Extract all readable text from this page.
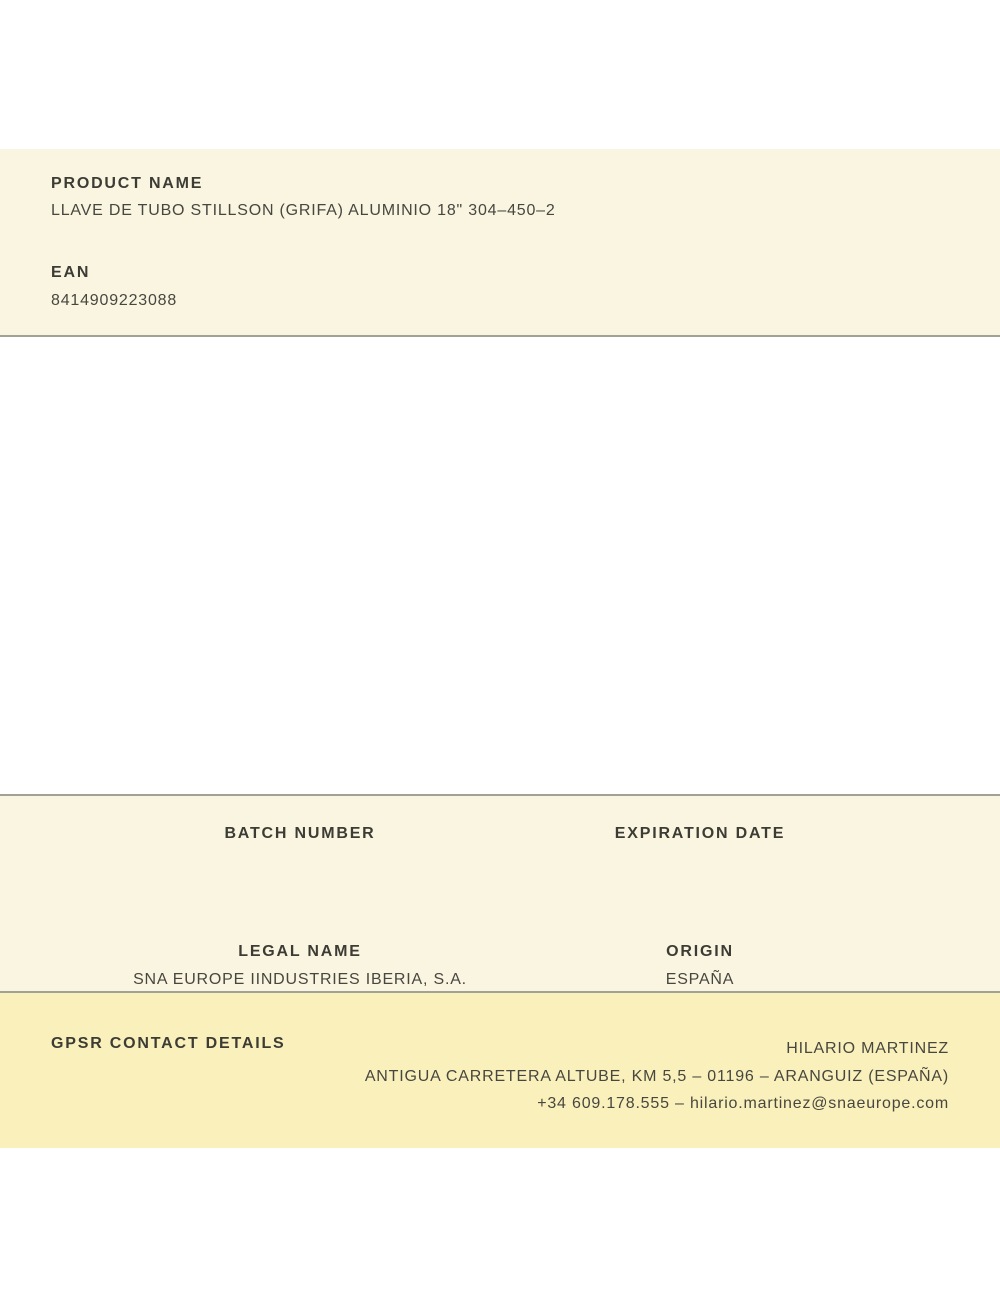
PRODUCT NAME
LLAVE DE TUBO STILLSON (GRIFA) ALUMINIO 18" 304–450–2
EAN
8414909223088
BATCH NUMBER	EXPIRATION DATE
LEGAL NAME
SNA EUROPE IINDUSTRIES IBERIA, S.A.
ORIGIN
ESPAÑA
GPSR CONTACT DETAILS	HILARIO MARTINEZ
ANTIGUA CARRETERA ALTUBE, KM 5,5 – 01196 – ARANGUIZ (ESPAÑA)
+34 609.178.555 – hilario.martinez@snaeurope.com
